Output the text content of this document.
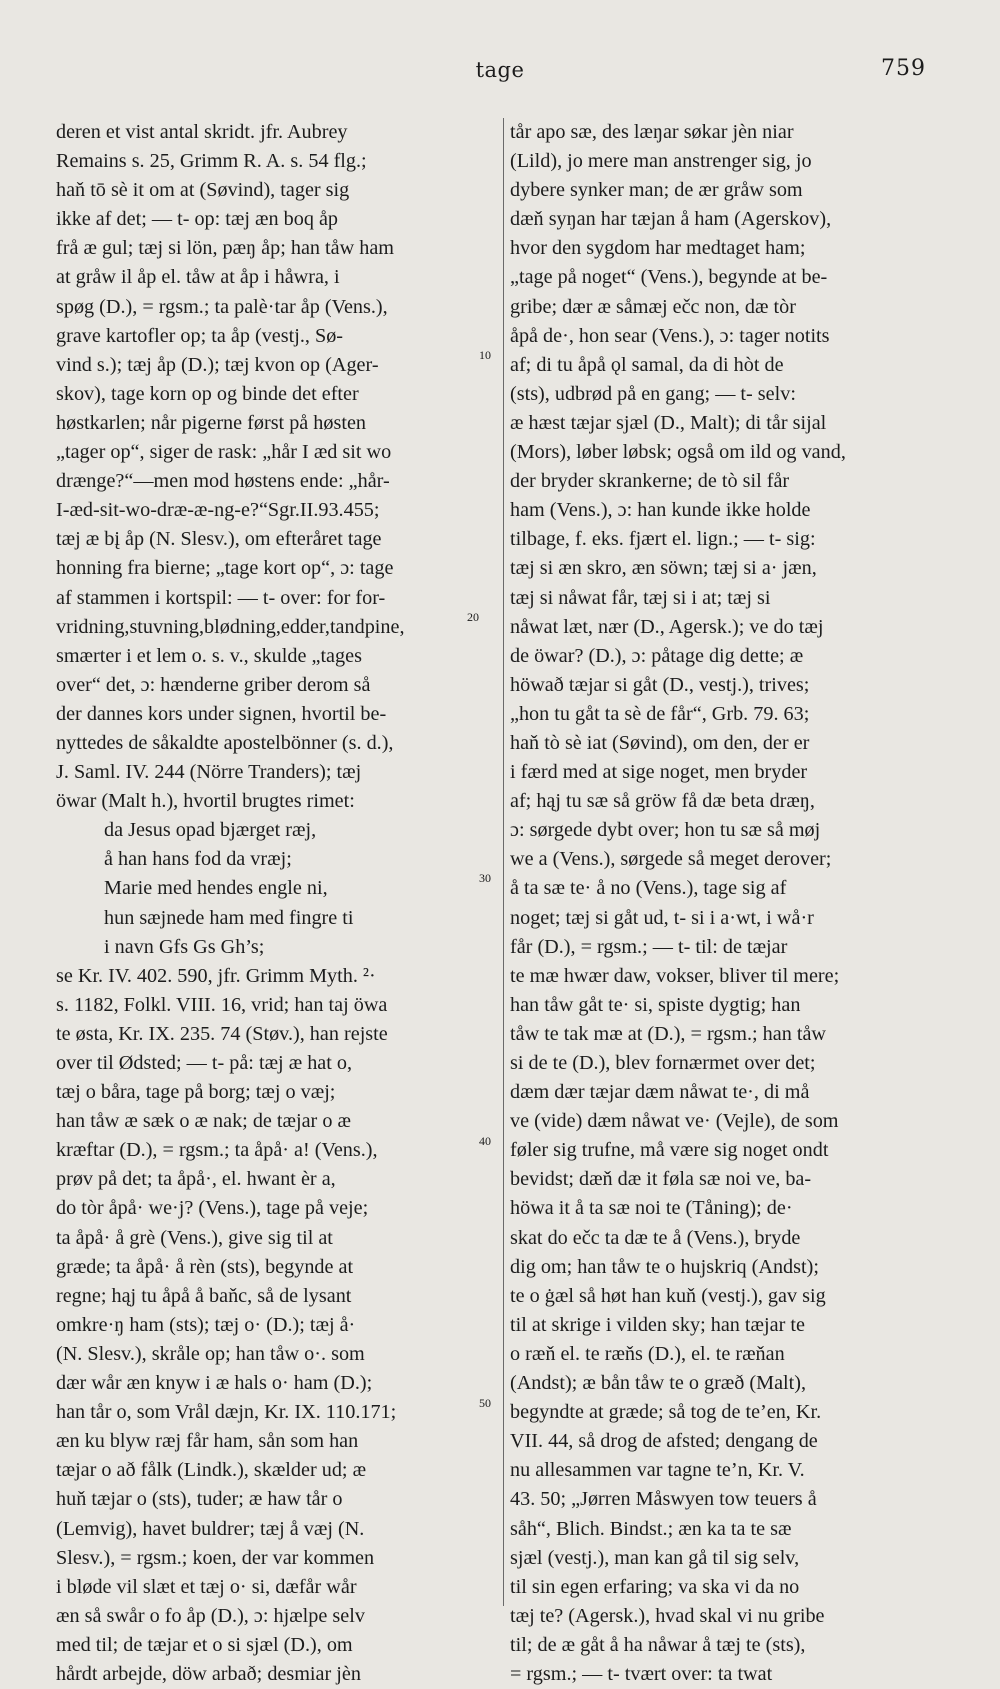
tage	759
deren et vist antal skridt. jfr. Aubrey
Remains s. 25, Grimm R. A. s. 54 flg.;
haň tō sè it om at (Søvind), tager sig
ikke af det; — t- op: tæj æn boq åp
frå æ gul; tæj si lön, pæŋ åp; han tåw ham
at gråw il åp el. tåw at åp i håwra, i
spøg (D.), = rgsm.; ta palè·tar åp (Vens.),
grave kartofler op; ta åp (vestj., Sø-
vind s.); tæj åp (D.); tæj kvon op (Ager-
skov), tage korn op og binde det efter
høstkarlen; når pigerne først på høsten
„tager op“, siger de rask: „hår I æd sit wo
drænge?“—men mod høstens ende: „hår-
I-æd-sit-wo-dræ-æ-ng-e?“Sgr.II.93.455;
tæj æ bį åp (N. Slesv.), om efteråret tage
honning fra bierne; „tage kort op“, ɔ: tage
af stammen i kortspil: — t- over: for for-
vridning,stuvning,blødning,edder,tandpine,
smærter i et lem o. s. v., skulde „tages
over“ det, ɔ: hænderne griber derom så
der dannes kors under signen, hvortil be-
nyttedes de såkaldte apostelbönner (s. d.),
J. Saml. IV. 244 (Nörre Tranders); tæj
öwar (Malt h.), hvortil brugtes rimet:
da Jesus opad bjærget ræj,
å han hans fod da vræj;
Marie med hendes engle ni,
hun sæjnede ham med fingre ti
i navn Gfs Gs Gh’s;
se Kr. IV. 402. 590, jfr. Grimm Myth. ²·
s. 1182, Folkl. VIII. 16, vrid; han taj öwa
te østa, Kr. IX. 235. 74 (Støv.), han rejste
over til Ødsted; — t- på: tæj æ hat o,
tæj o båra, tage på borg; tæj o væj;
han tåw æ sæk o æ nak; de tæjar o æ
kræftar (D.), = rgsm.; ta åpå· a! (Vens.),
prøv på det; ta åpå·, el. hwant èr a,
do tòr åpå· we·j? (Vens.), tage på veje;
ta åpå· å grè (Vens.), give sig til at
græde; ta åpå· å rèn (sts), begynde at
regne; hąj tu åpå å baňc, så de lysant
omkre·ŋ ham (sts); tæj o· (D.); tæj å·
(N. Slesv.), skråle op; han tåw o·. som
dær wår æn knyw i æ hals o· ham (D.);
han tår o, som Vrål dæjn, Kr. IX. 110.171;
æn ku blyw ræj får ham, sån som han
tæjar o að fålk (Lindk.), skælder ud; æ
huň tæjar o (sts), tuder; æ haw tår o
(Lemvig), havet buldrer; tæj å væj (N.
Slesv.), = rgsm.; koen, der var kommen
i bløde vil slæt et tæj o· si, dæfår wår
æn så swår o fo åp (D.), ɔ: hjælpe selv
med til; de tæjar et o si sjæl (D.), om
hårdt arbejde, döw arbað; desmiar jèn
tår apo sæ, des læŋar søkar jèn niar
(Lild), jo mere man anstrenger sig, jo
dybere synker man; de ær gråw som
dæň syŋan har tæjan å ham (Agerskov),
hvor den sygdom har medtaget ham;
„tage på noget“ (Vens.), begynde at be-
gribe; dær æ såmæj ečc non, dæ tòr
åpå de·, hon sear (Vens.), ɔ: tager notits
af; di tu åpå ǫl samal, da di hòt de
(sts), udbrød på en gang; — t- selv:
æ hæst tæjar sjæl (D., Malt); di tår sijal
(Mors), løber løbsk; også om ild og vand,
der bryder skrankerne; de tò sil får
ham (Vens.), ɔ: han kunde ikke holde
tilbage, f. eks. fjært el. lign.; — t- sig:
tæj si æn skro, æn söwn; tæj si a· jæn,
tæj si nåwat får, tæj si i at; tæj si
nåwat læt, nær (D., Agersk.); ve do tæj
de öwar? (D.), ɔ: påtage dig dette; æ
höwað tæjar si gåt (D., vestj.), trives;
„hon tu gåt ta sè de får“, Grb. 79. 63;
haň tò sè iat (Søvind), om den, der er
i færd med at sige noget, men bryder
af; hąj tu sæ så gröw få dæ beta dræŋ,
ɔ: sørgede dybt over; hon tu sæ så møj
we a (Vens.), sørgede så meget derover;
å ta sæ te· å no (Vens.), tage sig af
noget; tæj si gåt ud, t- si i a·wt, i wå·r
får (D.), = rgsm.; — t- til: de tæjar
te mæ hwær daw, vokser, bliver til mere;
han tåw gåt te· si, spiste dygtig; han
tåw te tak mæ at (D.), = rgsm.; han tåw
si de te (D.), blev fornærmet over det;
dæm dær tæjar dæm nåwat te·, di må
ve (vide) dæm nåwat ve· (Vejle), de som
føler sig trufne, må være sig noget ondt
bevidst; dæň dæ it føla sæ noi ve, ba-
höwa it å ta sæ noi te (Tåning); de·
skat do ečc ta dæ te å (Vens.), bryde
dig om; han tåw te o hujskriq (Andst);
te o ġæl så høt han kuň (vestj.), gav sig
til at skrige i vilden sky; han tæjar te
o ræň el. te ræňs (D.), el. te ræňan
(Andst); æ bån tåw te o græð (Malt),
begyndte at græde; så tog de te’en, Kr.
VII. 44, så drog de afsted; dengang de
nu allesammen var tagne te’n, Kr. V.
43. 50; „Jørren Måswyen tow teuers å
såh“, Blich. Bindst.; æn ka ta te sæ
sjæl (vestj.), man kan gå til sig selv,
til sin egen erfaring; va ska vi da no
tæj te? (Agersk.), hvad skal vi nu gribe
til; de æ gåt å ha nåwar å tæj te (sts),
= rgsm.; — t- tvært over: ta twat
10
20
30
40
50
